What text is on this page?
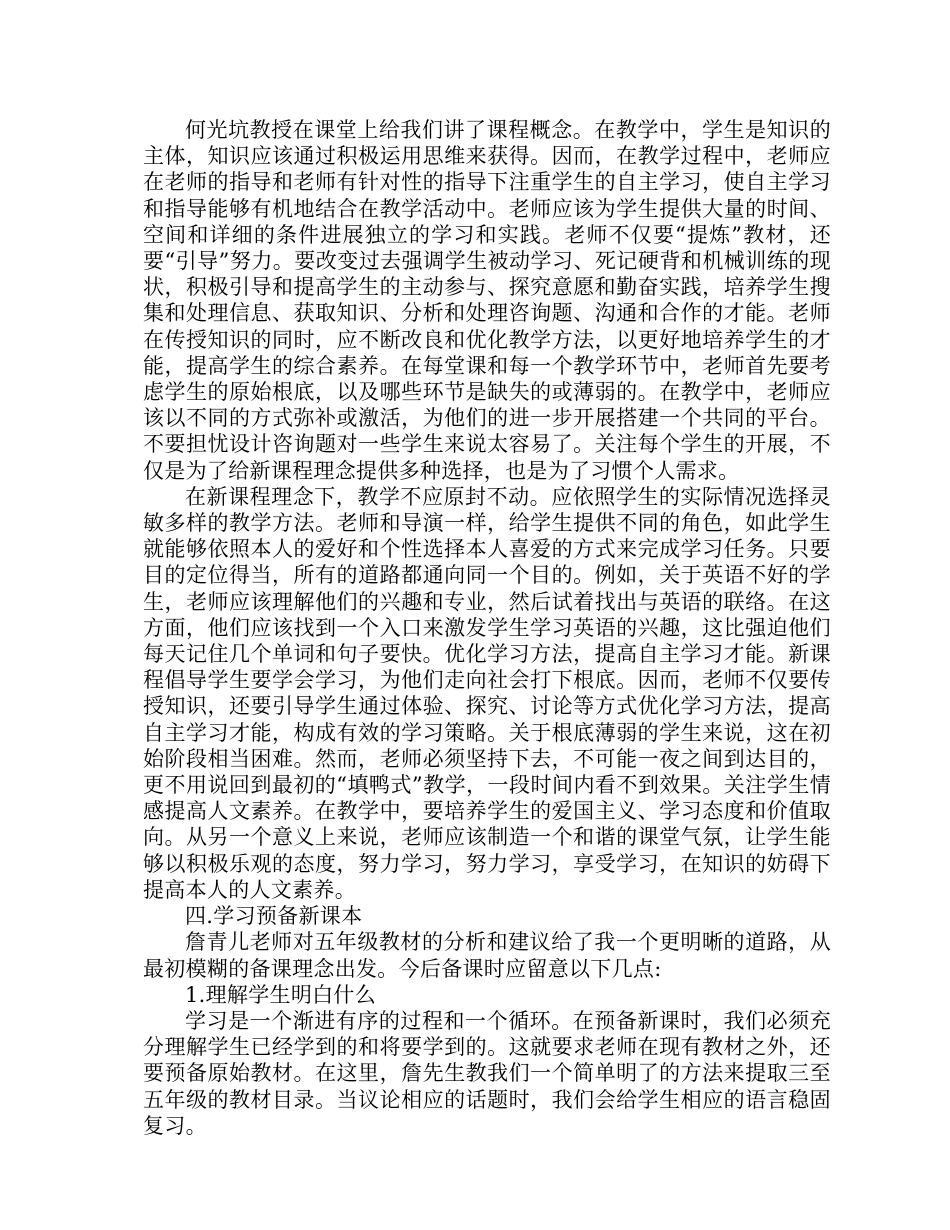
何光坑教授在课堂上给我们讲了课程概念。在教学中，学生是知识的主体，知识应该通过积极运用思维来获得。因而，在教学过程中，老师应在老师的指导和老师有针对性的指导下注重学生的自主学习，使自主学习和指导能够有机地结合在教学活动中。老师应该为学生提供大量的时间、空间和详细的条件进展独立的学习和实践。老师不仅要“提炼”教材，还要“引导”努力。要改变过去强调学生被动学习、死记硬背和机械训练的现状，积极引导和提高学生的主动参与、探究意愿和勤奋实践，培养学生搜集和处理信息、获取知识、分析和处理咨询题、沟通和合作的才能。老师在传授知识的同时，应不断改良和优化教学方法，以更好地培养学生的才能，提高学生的综合素养。在每堂课和每一个教学环节中，老师首先要考虑学生的原始根底，以及哪些环节是缺失的或薄弱的。在教学中，老师应该以不同的方式弥补或激活，为他们的进一步开展搭建一个共同的平台。不要担忧设计咨询题对一些学生来说太容易了。关注每个学生的开展，不仅是为了给新课程理念提供多种选择，也是为了习惯个人需求。

在新课程理念下，教学不应原封不动。应依照学生的实际情况选择灵敏多样的教学方法。老师和导演一样，给学生提供不同的角色，如此学生就能够依照本人的爱好和个性选择本人喜爱的方式来完成学习任务。只要目的定位得当，所有的道路都通向同一个目的。例如，关于英语不好的学生，老师应该理解他们的兴趣和专业，然后试着找出与英语的联络。在这方面，他们应该找到一个入口来激发学生学习英语的兴趣，这比强迫他们每天记住几个单词和句子要快。优化学习方法，提高自主学习才能。新课程倡导学生要学会学习，为他们走向社会打下根底。因而，老师不仅要传授知识，还要引导学生通过体验、探究、讨论等方式优化学习方法，提高自主学习才能，构成有效的学习策略。关于根底薄弱的学生来说，这在初始阶段相当困难。然而，老师必须坚持下去，不可能一夜之间到达目的，更不用说回到最初的“填鸭式”教学，一段时间内看不到效果。关注学生情感提高人文素养。在教学中，要培养学生的爱国主义、学习态度和价值取向。从另一个意义上来说，老师应该制造一个和谐的课堂气氛，让学生能够以积极乐观的态度，努力学习，努力学习，享受学习，在知识的妨碍下提高本人的人文素养。

四.学习预备新课本

詹青儿老师对五年级教材的分析和建议给了我一个更明晰的道路，从最初模糊的备课理念出发。今后备课时应留意以下几点:

1.理解学生明白什么

学习是一个渐进有序的过程和一个循环。在预备新课时，我们必须充分理解学生已经学到的和将要学到的。这就要求老师在现有教材之外，还要预备原始教材。在这里，詹先生教我们一个简单明了的方法来提取三至五年级的教材目录。当议论相应的话题时，我们会给学生相应的语言稳固复习。
